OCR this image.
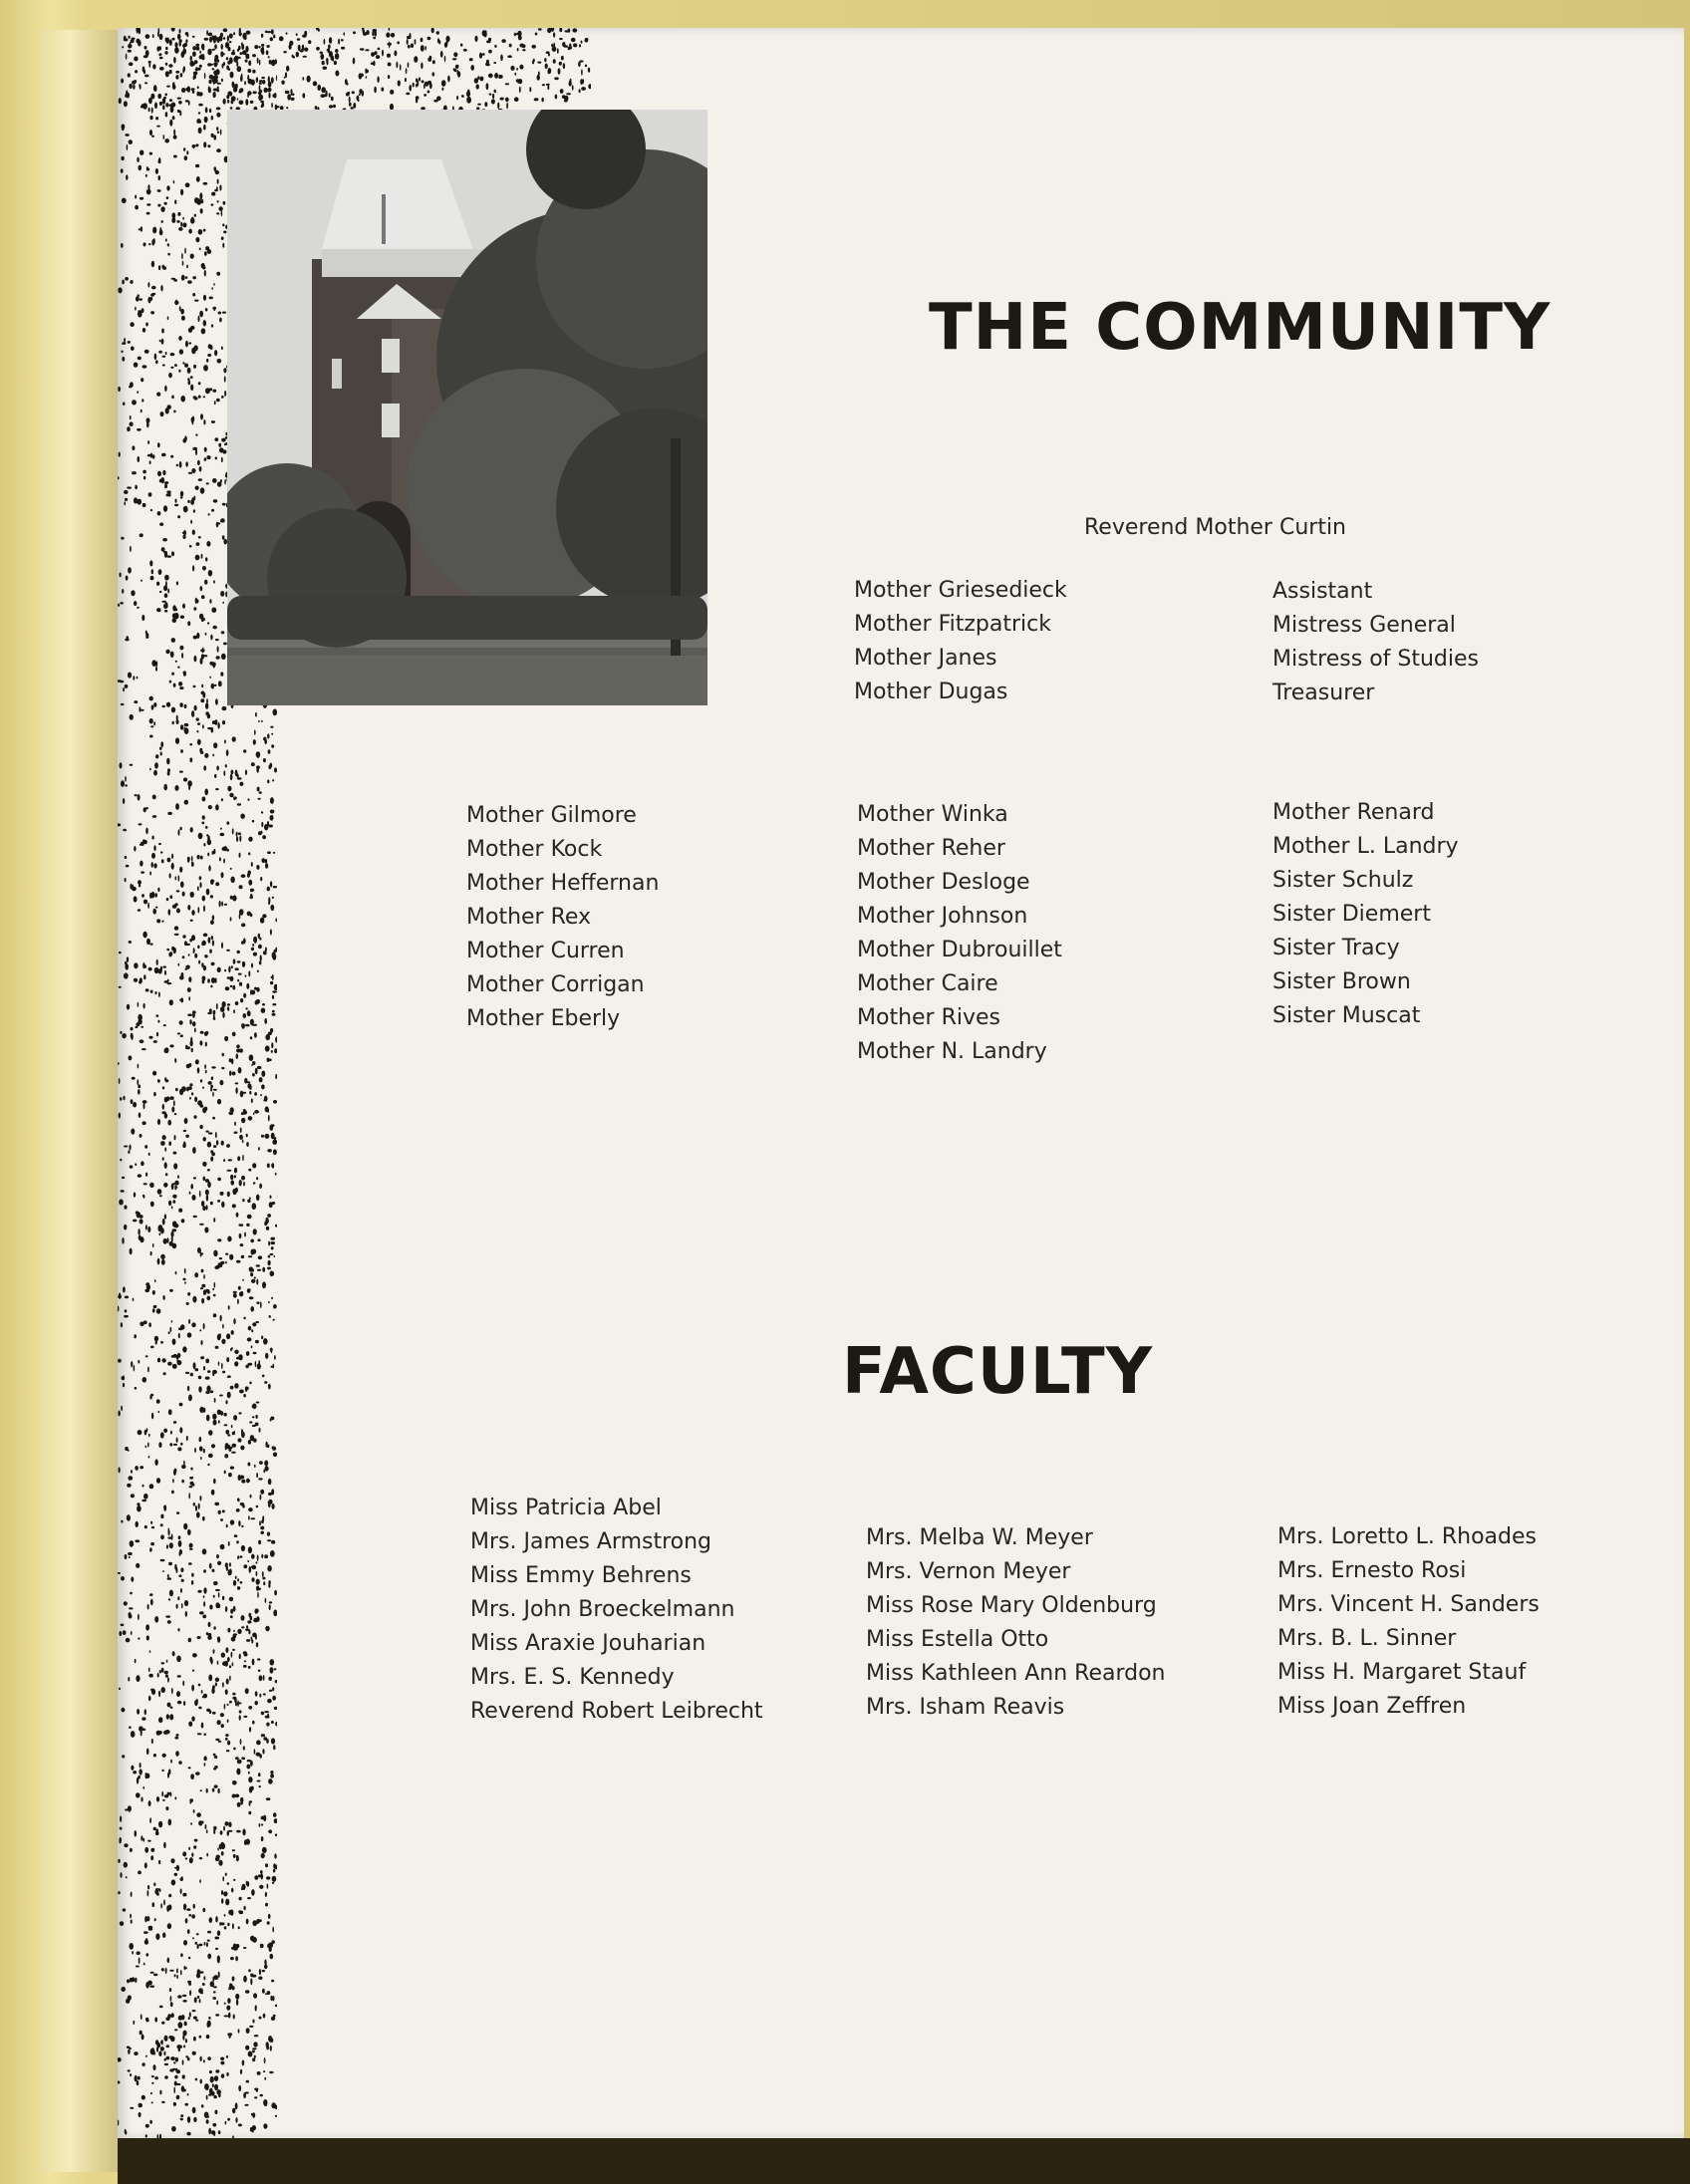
THE COMMUNITY
Reverend Mother Curtin
Mother Griesedieck
Mother Fitzpatrick
Mother Janes
Mother Dugas
Assistant
Mistress General
Mistress of Studies
Treasurer
Mother Gilmore
Mother Kock
Mother Heffernan
Mother Rex
Mother Curren
Mother Corrigan
Mother Eberly
Mother Winka
Mother Reher
Mother Desloge
Mother Johnson
Mother Dubrouillet
Mother Caire
Mother Rives
Mother N. Landry
Mother Renard
Mother L. Landry
Sister Schulz
Sister Diemert
Sister Tracy
Sister Brown
Sister Muscat
FACULTY
Miss Patricia Abel
Mrs. James Armstrong
Miss Emmy Behrens
Mrs. John Broeckelmann
Miss Araxie Jouharian
Mrs. E. S. Kennedy
Reverend Robert Leibrecht
Mrs. Melba W. Meyer
Mrs. Vernon Meyer
Miss Rose Mary Oldenburg
Miss Estella Otto
Miss Kathleen Ann Reardon
Mrs. Isham Reavis
Mrs. Loretto L. Rhoades
Mrs. Ernesto Rosi
Mrs. Vincent H. Sanders
Mrs. B. L. Sinner
Miss H. Margaret Stauf
Miss Joan Zeffren
